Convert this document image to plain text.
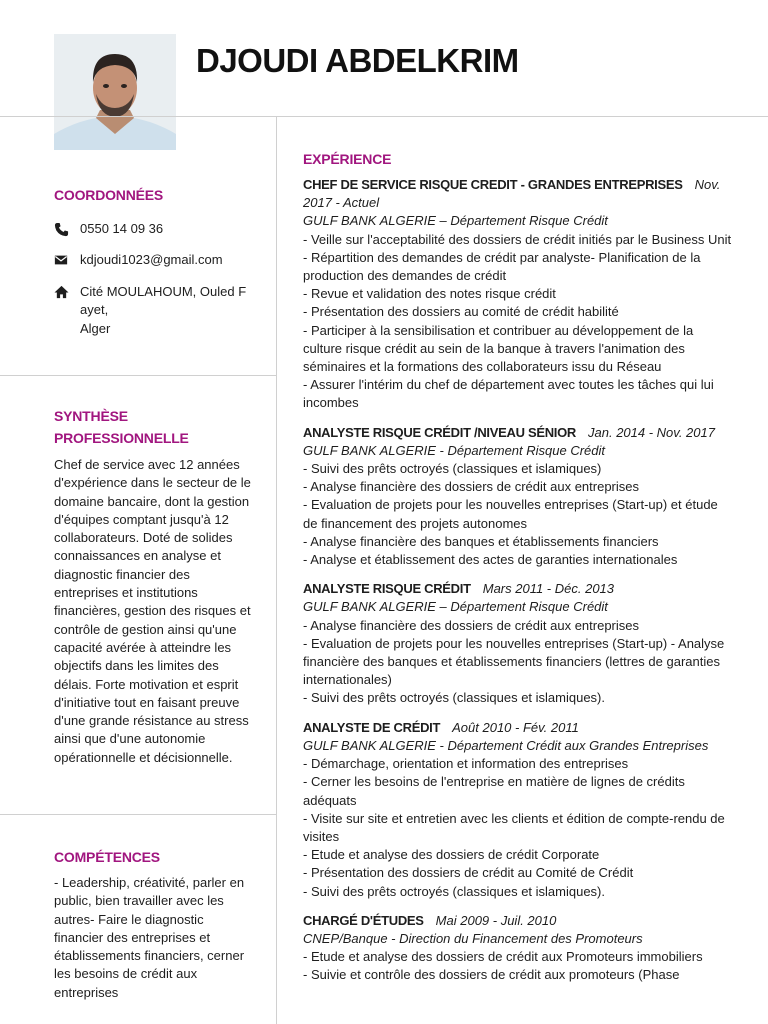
DJOUDI ABDELKRIM
COORDONNÉES
0550 14 09 36
kdjoudi1023@gmail.com
Cité MOULAHOUM, Ouled F
ayet,
Alger
SYNTHÈSE
PROFESSIONNELLE
Chef de service avec 12 années d'expérience dans le secteur de le domaine bancaire, dont la gestion d'équipes comptant jusqu'à 12 collaborateurs. Doté de solides connaissances en analyse et diagnostic financier des entreprises et institutions financières, gestion des risques et contrôle de gestion ainsi qu'une capacité avérée à atteindre les objectifs dans les limites des délais. Forte motivation et esprit d'initiative tout en faisant preuve d'une grande résistance au stress ainsi que d'une autonomie opérationnelle et décisionnelle.
COMPÉTENCES
- Leadership, créativité, parler en public, bien travailler avec les autres- Faire le diagnostic financier des entreprises et établissements financiers, cerner les besoins de crédit aux entreprises
EXPÉRIENCE
CHEF DE SERVICE RISQUE CREDIT - GRANDES ENTREPRISES Nov. 2017 - Actuel
GULF BANK ALGERIE – Département Risque Crédit
- Veille sur l'acceptabilité des dossiers de crédit initiés par le Business Unit
- Répartition des demandes de crédit par analyste- Planification de la production des demandes de crédit
- Revue et validation des notes risque crédit
- Présentation des dossiers au comité de crédit habilité
- Participer à la sensibilisation et contribuer au développement de la culture risque crédit au sein de la banque à travers l'animation des séminaires et la formations des collaborateurs issu du Réseau
- Assurer l'intérim du chef de département avec toutes les tâches qui lui incombes
ANALYSTE RISQUE CRÉDIT /NIVEAU SÉNIOR Jan. 2014 - Nov. 2017
GULF BANK ALGERIE - Département Risque Crédit
- Suivi des prêts octroyés (classiques et islamiques)
- Analyse financière des dossiers de crédit aux entreprises
- Evaluation de projets pour les nouvelles entreprises (Start-up) et étude de financement des projets autonomes
- Analyse financière des banques et établissements financiers
- Analyse et établissement des actes de garanties internationales
ANALYSTE RISQUE CRÉDIT Mars 2011 - Déc. 2013
GULF BANK ALGERIE – Département Risque Crédit
- Analyse financière des dossiers de crédit aux entreprises
- Evaluation de projets pour les nouvelles entreprises (Start-up) - Analyse financière des banques et établissements financiers (lettres de garanties internationales)
- Suivi des prêts octroyés (classiques et islamiques).
ANALYSTE DE CRÉDIT Août 2010 - Fév. 2011
GULF BANK ALGERIE - Département Crédit aux Grandes Entreprises
- Démarchage, orientation et information des entreprises
- Cerner les besoins de l'entreprise en matière de lignes de crédits adéquats
- Visite sur site et entretien avec les clients et édition de compte-rendu de visites
- Etude et analyse des dossiers de crédit Corporate
- Présentation des dossiers de crédit au Comité de Crédit
- Suivi des prêts octroyés (classiques et islamiques).
CHARGÉ D'ÉTUDES Mai 2009 - Juil. 2010
CNEP/Banque - Direction du Financement des Promoteurs
- Etude et analyse des dossiers de crédit aux Promoteurs immobiliers
- Suivie et contrôle des dossiers de crédit aux promoteurs (Phase
